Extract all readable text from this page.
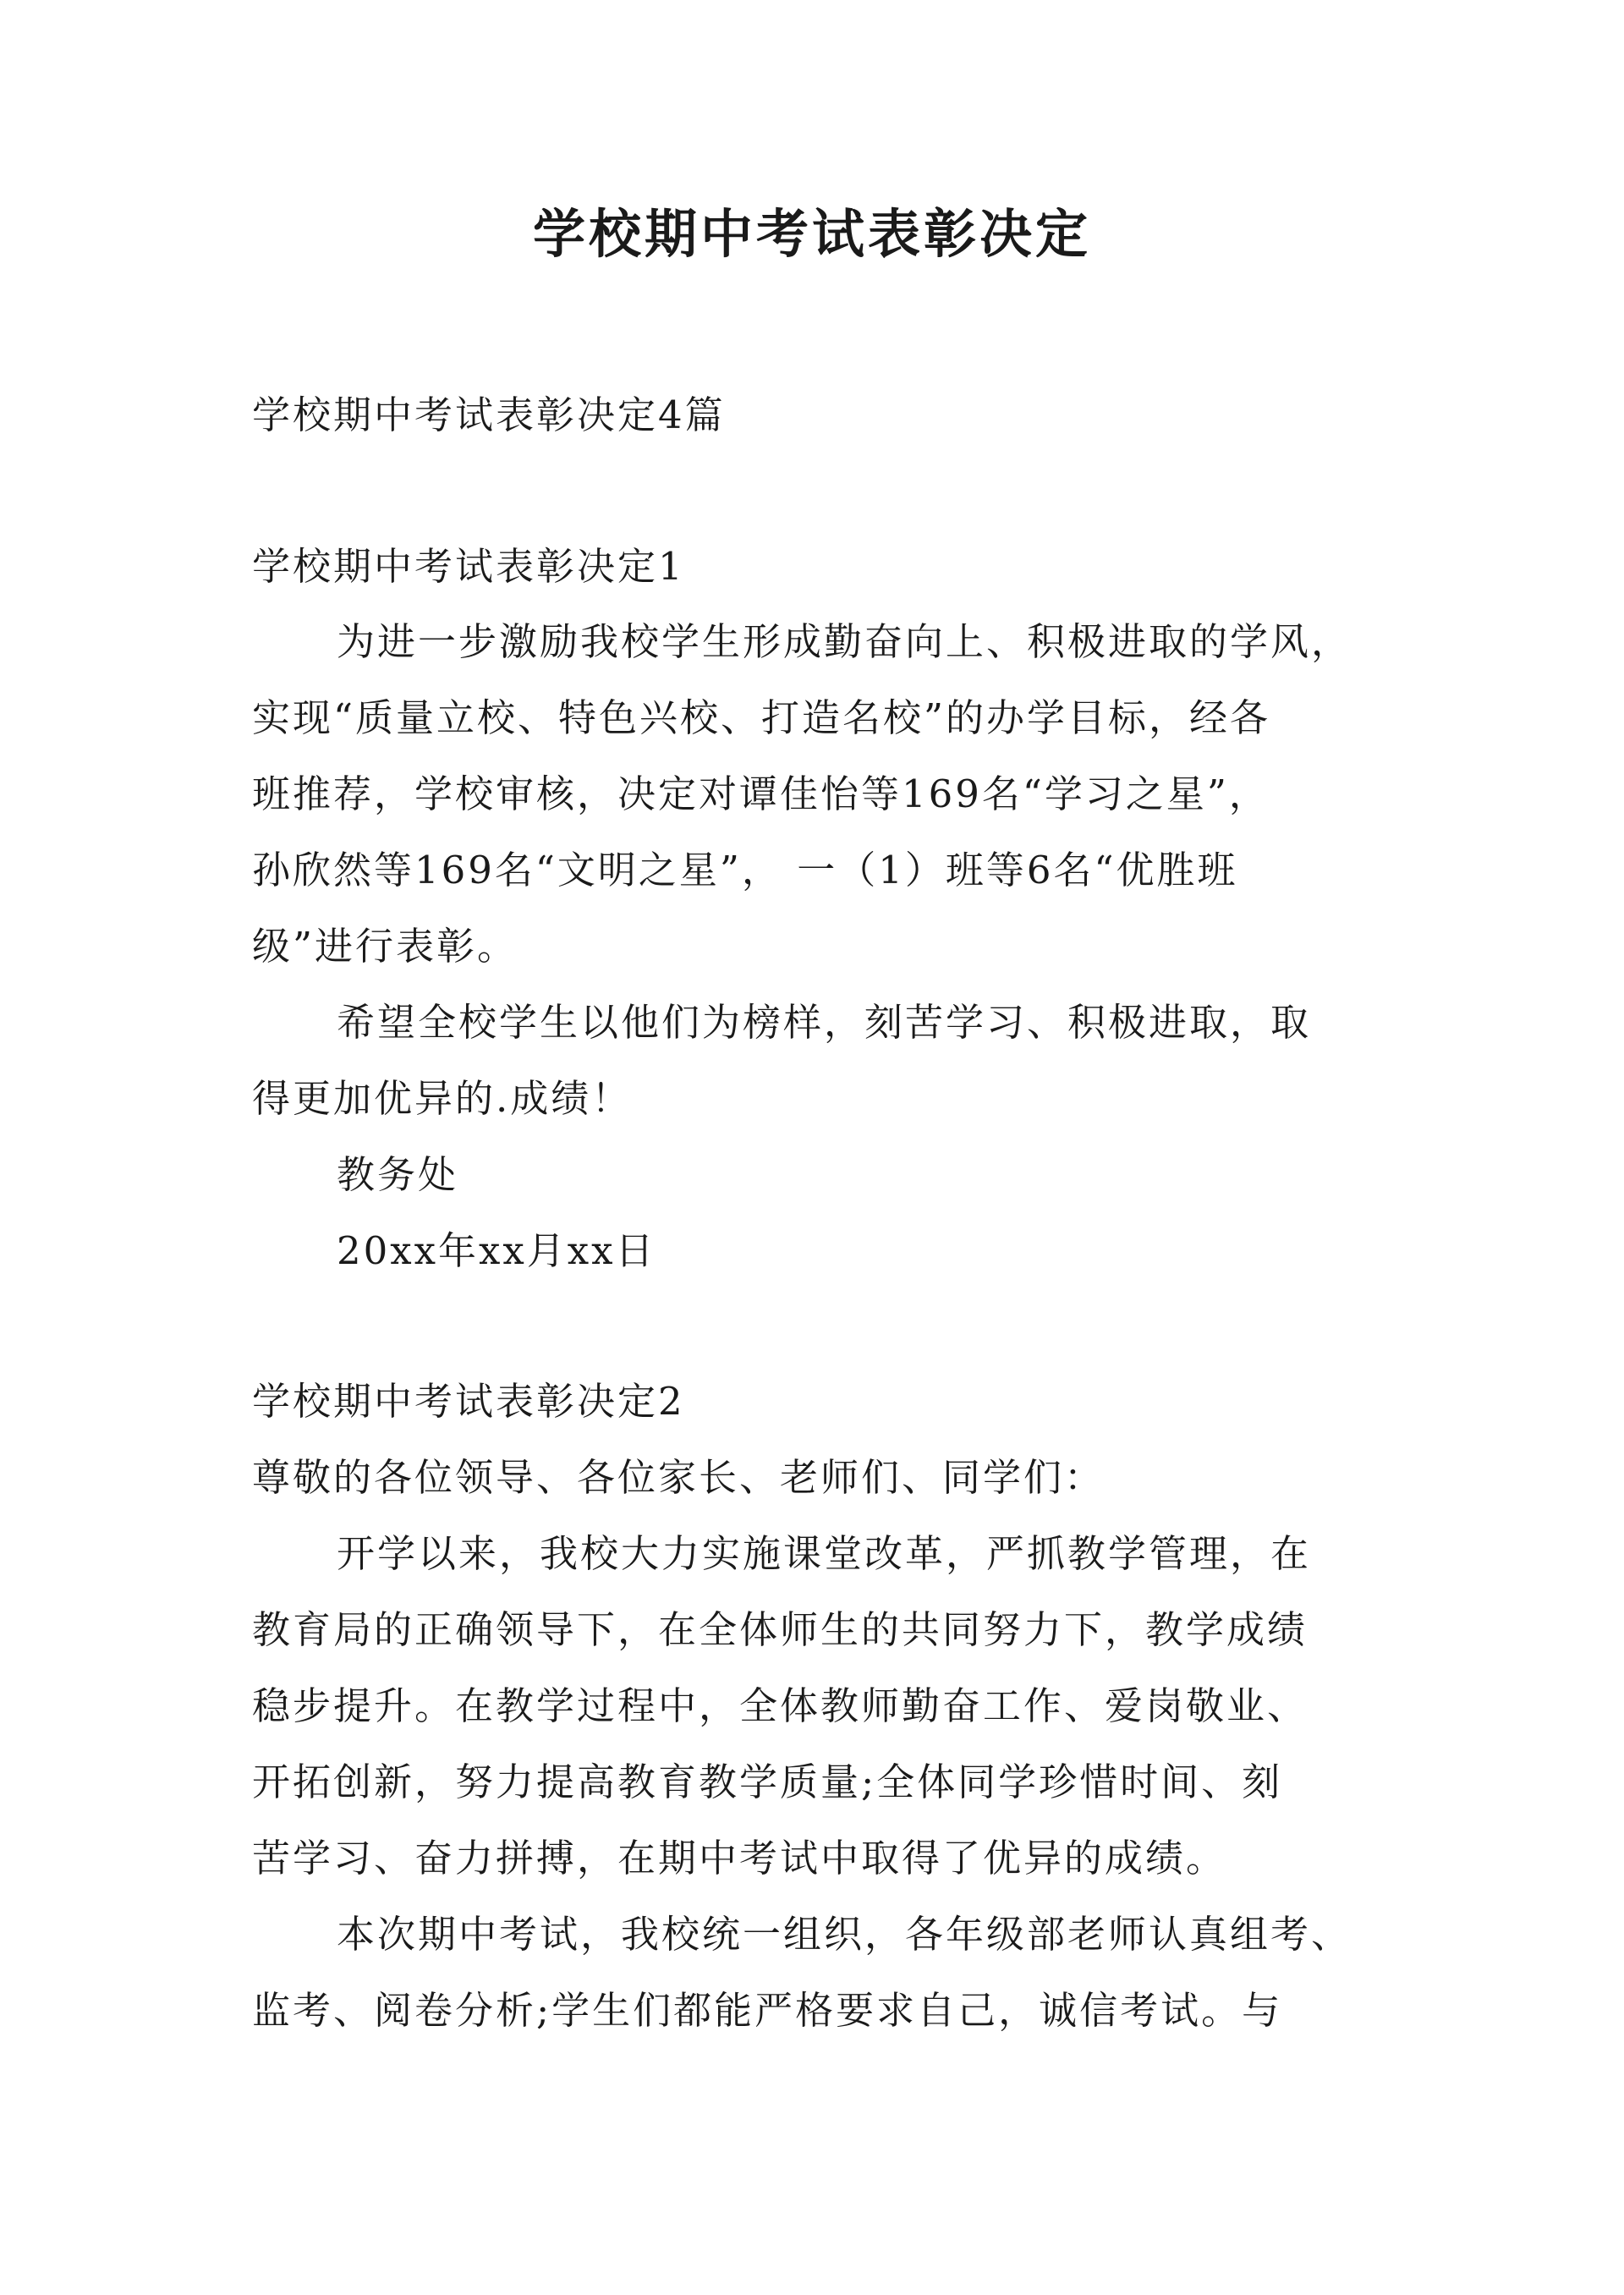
学校期中考试表彰决定
学校期中考试表彰决定4篇
学校期中考试表彰决定1
为进一步激励我校学生形成勤奋向上、积极进取的学风，
实现“质量立校、特色兴校、打造名校”的办学目标，经各
班推荐，学校审核，决定对谭佳怡等169名“学习之星”，
孙欣然等169名“文明之星”， 一（1）班等6名“优胜班
级”进行表彰。
希望全校学生以他们为榜样，刻苦学习、积极进取，取
得更加优异的.成绩！
教务处
20xx年xx月xx日
学校期中考试表彰决定2
尊敬的各位领导、各位家长、老师们、同学们：
开学以来，我校大力实施课堂改革，严抓教学管理，在
教育局的正确领导下，在全体师生的共同努力下，教学成绩
稳步提升。在教学过程中，全体教师勤奋工作、爱岗敬业、
开拓创新，努力提高教育教学质量;全体同学珍惜时间、刻
苦学习、奋力拼搏，在期中考试中取得了优异的成绩。
本次期中考试，我校统一组织，各年级部老师认真组考、
监考、阅卷分析;学生们都能严格要求自己，诚信考试。与
